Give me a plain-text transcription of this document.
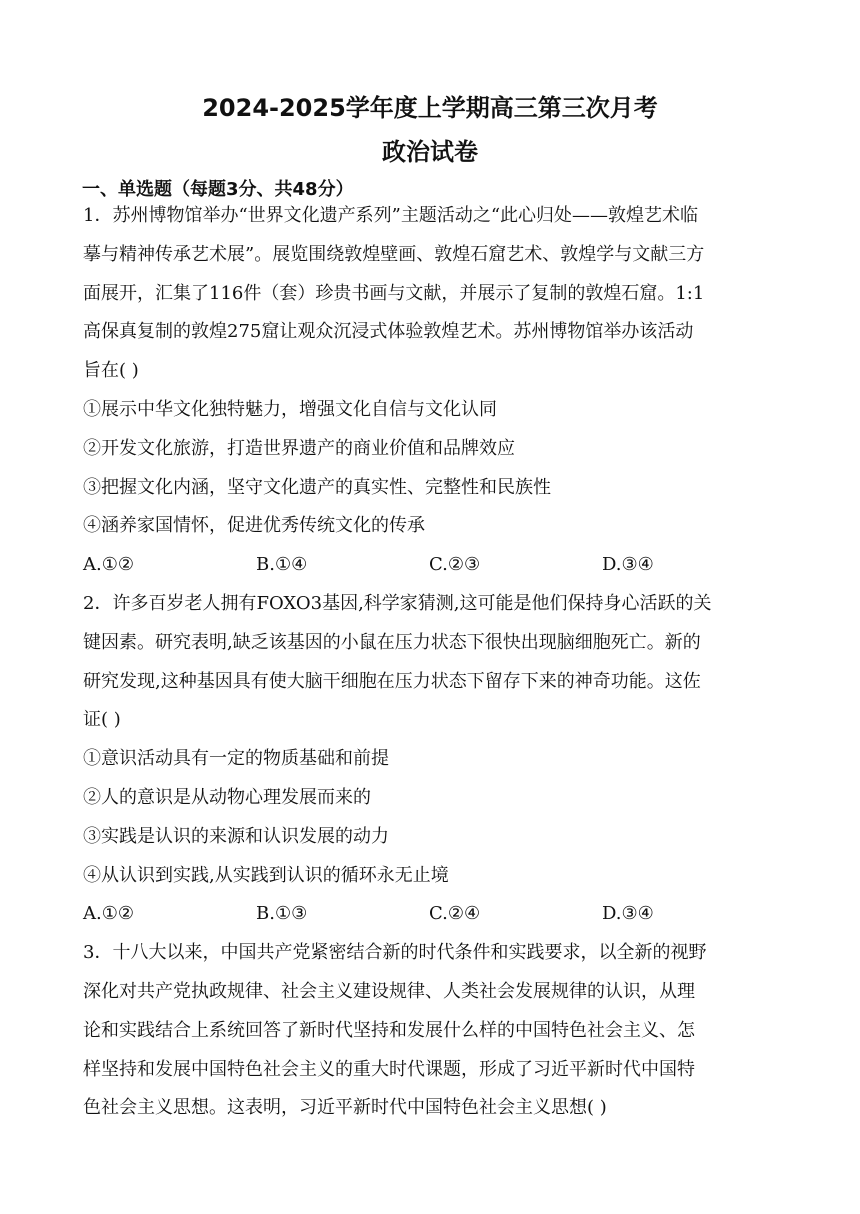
2024-2025学年度上学期高三第三次月考
政治试卷
一、单选题（每题3分、共48分）
1．苏州博物馆举办“世界文化遗产系列”主题活动之“此心归处——敦煌艺术临
摹与精神传承艺术展”。展览围绕敦煌壁画、敦煌石窟艺术、敦煌学与文献三方
面展开，汇集了116件（套）珍贵书画与文献，并展示了复制的敦煌石窟。1:1
高保真复制的敦煌275窟让观众沉浸式体验敦煌艺术。苏州博物馆举办该活动
旨在( )
①展示中华文化独特魅力，增强文化自信与文化认同
②开发文化旅游，打造世界遗产的商业价值和品牌效应
③把握文化内涵，坚守文化遗产的真实性、完整性和民族性
④涵养家国情怀，促进优秀传统文化的传承
A.①②	B.①④	C.②③	D.③④
2．许多百岁老人拥有FOXO3基因,科学家猜测,这可能是他们保持身心活跃的关
键因素。研究表明,缺乏该基因的小鼠在压力状态下很快出现脑细胞死亡。新的
研究发现,这种基因具有使大脑干细胞在压力状态下留存下来的神奇功能。这佐
证( )
①意识活动具有一定的物质基础和前提
②人的意识是从动物心理发展而来的
③实践是认识的来源和认识发展的动力
④从认识到实践,从实践到认识的循环永无止境
A.①②	B.①③	C.②④	D.③④
3．十八大以来，中国共产党紧密结合新的时代条件和实践要求，以全新的视野
深化对共产党执政规律、社会主义建设规律、人类社会发展规律的认识，从理
论和实践结合上系统回答了新时代坚持和发展什么样的中国特色社会主义、怎
样坚持和发展中国特色社会主义的重大时代课题，形成了习近平新时代中国特
色社会主义思想。这表明，习近平新时代中国特色社会主义思想( )
